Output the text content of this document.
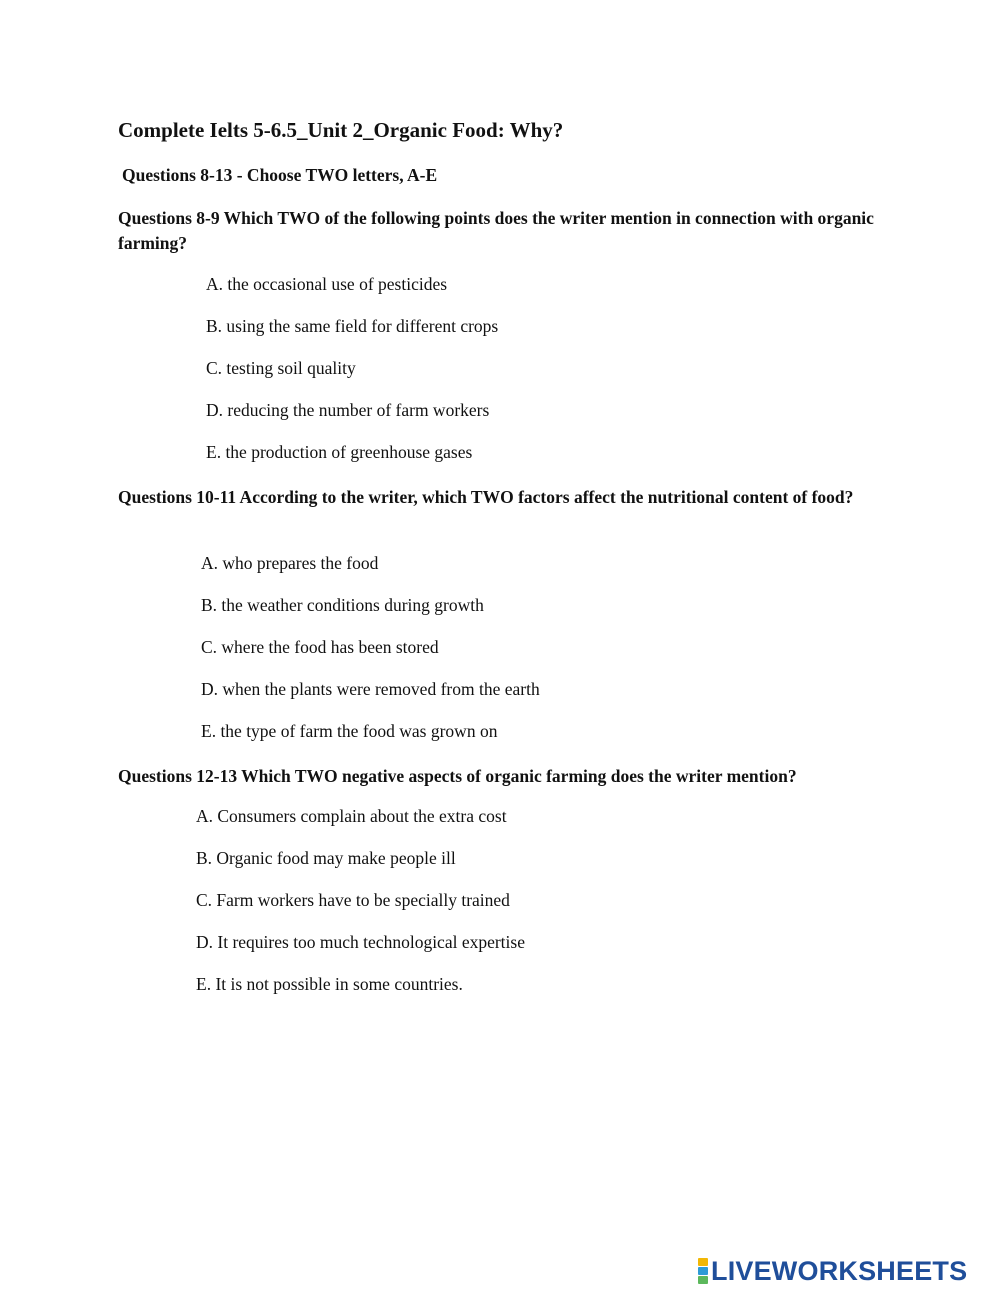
Complete Ielts 5-6.5_Unit 2_Organic Food: Why?
Questions 8-13 - Choose TWO letters, A-E
Questions 8-9 Which TWO of the following points does the writer mention in connection with organic farming?
A. the occasional use of pesticides
B. using the same field for different crops
C. testing soil quality
D. reducing the number of farm workers
E. the production of greenhouse gases
Questions 10-11 According to the writer, which TWO factors affect the nutritional content of food?
A. who prepares the food
B. the weather conditions during growth
C. where the food has been stored
D. when the plants were removed from the earth
E. the type of farm the food was grown on
Questions 12-13 Which TWO negative aspects of organic farming does the writer mention?
A. Consumers complain about the extra cost
B. Organic food may make people ill
C. Farm workers have to be specially trained
D. It requires too much technological expertise
E. It is not possible in some countries.
LIVEWORKSHEETS
